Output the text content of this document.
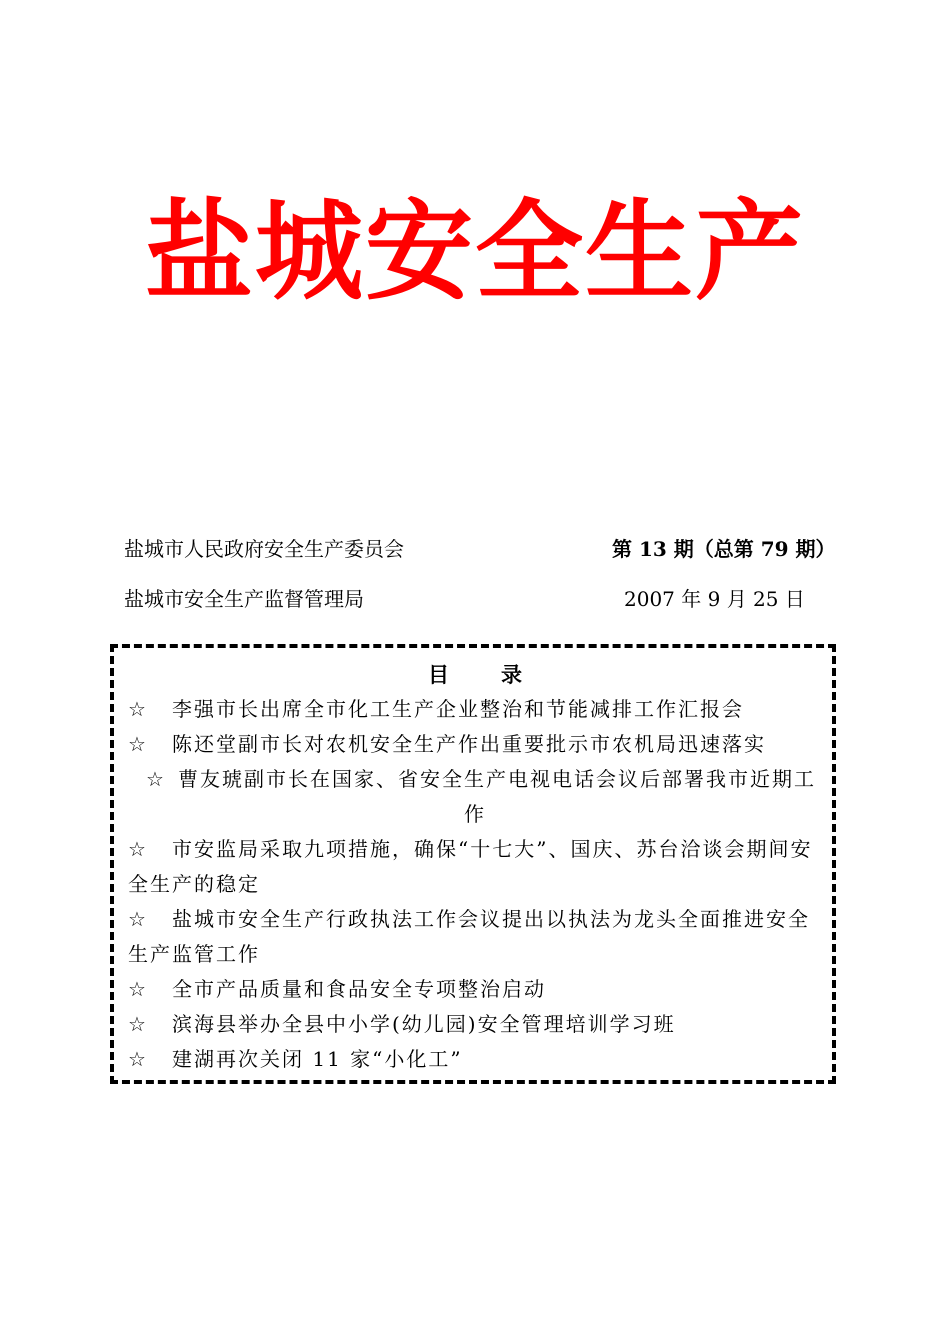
盐城安全生产
盐城市人民政府安全生产委员会	第 13 期（总第 79 期）
盐城市安全生产监督管理局	2007 年 9 月 25 日
目录
☆ 李强市长出席全市化工生产企业整治和节能减排工作汇报会
☆ 陈还堂副市长对农机安全生产作出重要批示市农机局迅速落实
☆ 曹友琥副市长在国家、省安全生产电视电话会议后部署我市近期工作
☆ 市安监局采取九项措施，确保“十七大”、国庆、苏台洽谈会期间安全生产的稳定
☆ 盐城市安全生产行政执法工作会议提出以执法为龙头全面推进安全生产监管工作
☆ 全市产品质量和食品安全专项整治启动
☆ 滨海县举办全县中小学(幼儿园)安全管理培训学习班
☆ 建湖再次关闭 11 家“小化工”
